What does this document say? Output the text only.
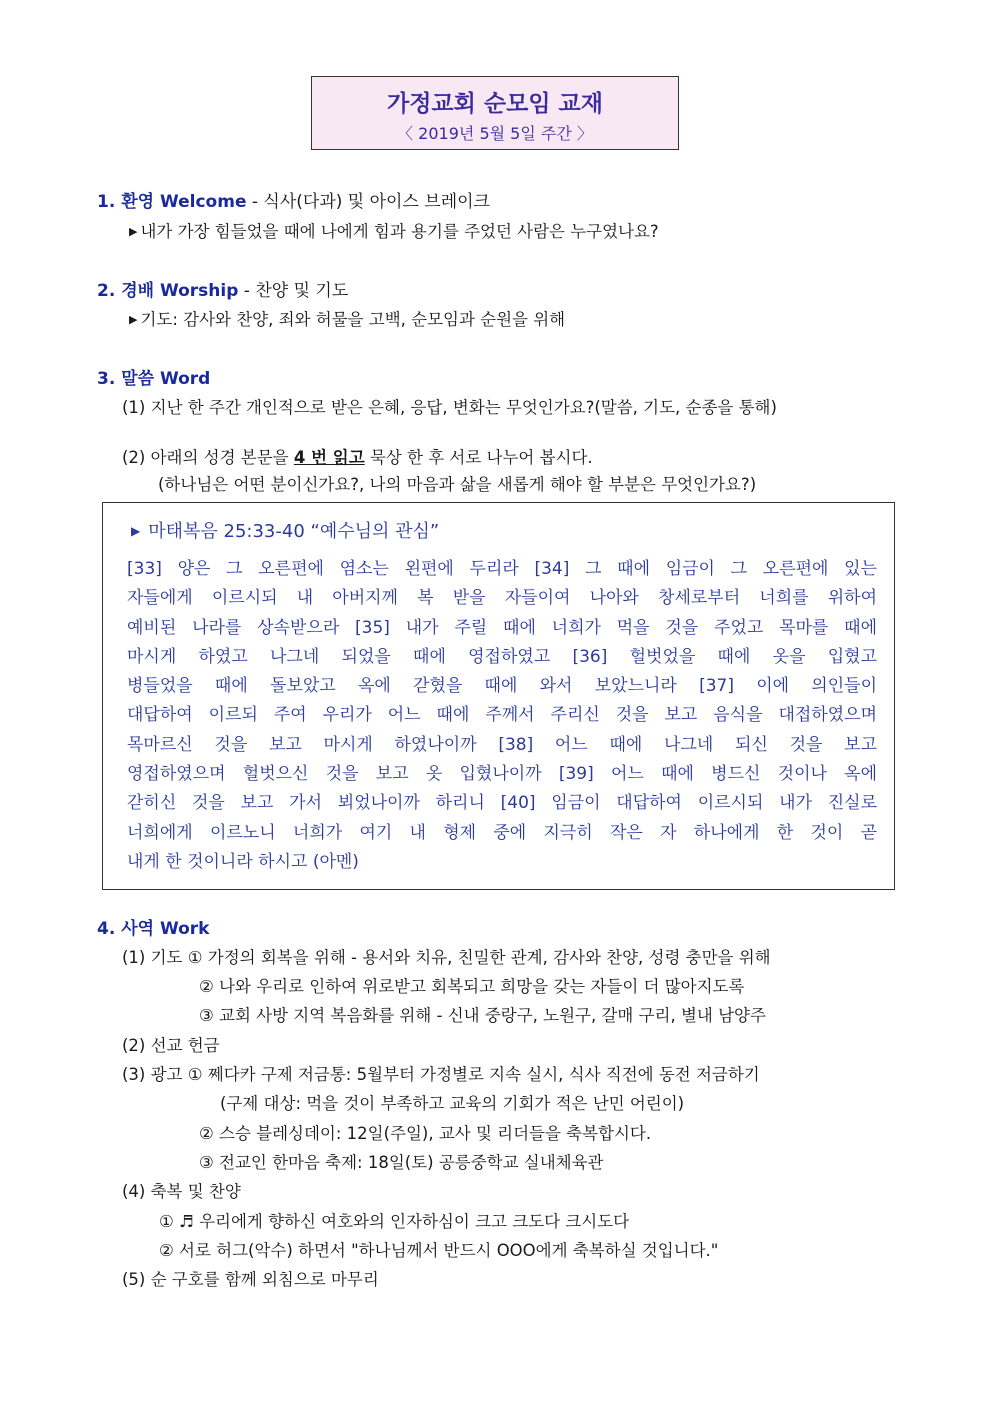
가정교회 순모임 교재
〈 2019년 5월 5일 주간 〉
1. 환영 Welcome - 식사(다과) 및 아이스 브레이크
▶ 내가 가장 힘들었을 때에 나에게 힘과 용기를 주었던 사람은 누구였나요?
2. 경배 Worship - 찬양 및 기도
▶ 기도: 감사와 찬양, 죄와 허물을 고백, 순모임과 순원을 위해
3. 말씀 Word
(1) 지난 한 주간 개인적으로 받은 은혜, 응답, 변화는 무엇인가요?(말씀, 기도, 순종을 통해)
(2) 아래의 성경 본문을 4 번 읽고 묵상 한 후 서로 나누어 봅시다.
(하나님은 어떤 분이신가요?, 나의 마음과 삶을 새롭게 해야 할 부분은 무엇인가요?)
▶ 마태복음 25:33-40 “예수님의 관심”
[33] 양은 그 오른편에 염소는 왼편에 두리라 [34] 그 때에 임금이 그 오른편에 있는
자들에게 이르시되 내 아버지께 복 받을 자들이여 나아와 창세로부터 너희를 위하여
예비된 나라를 상속받으라 [35] 내가 주릴 때에 너희가 먹을 것을 주었고 목마를 때에
마시게 하였고 나그네 되었을 때에 영접하였고 [36] 헐벗었을 때에 옷을 입혔고
병들었을 때에 돌보았고 옥에 갇혔을 때에 와서 보았느니라 [37] 이에 의인들이
대답하여 이르되 주여 우리가 어느 때에 주께서 주리신 것을 보고 음식을 대접하였으며
목마르신 것을 보고 마시게 하였나이까 [38] 어느 때에 나그네 되신 것을 보고
영접하였으며 헐벗으신 것을 보고 옷 입혔나이까 [39] 어느 때에 병드신 것이나 옥에
갇히신 것을 보고 가서 뵈었나이까 하리니 [40] 임금이 대답하여 이르시되 내가 진실로
너희에게 이르노니 너희가 여기 내 형제 중에 지극히 작은 자 하나에게 한 것이 곧
내게 한 것이니라 하시고 (아멘)
4. 사역 Work
(1) 기도 ① 가정의 회복을 위해 - 용서와 치유, 친밀한 관계, 감사와 찬양, 성령 충만을 위해
② 나와 우리로 인하여 위로받고 회복되고 희망을 갖는 자들이 더 많아지도록
③ 교회 사방 지역 복음화를 위해 - 신내 중랑구, 노원구, 갈매 구리, 별내 남양주
(2) 선교 헌금
(3) 광고 ① 쩨다카 구제 저금통: 5월부터 가정별로 지속 실시, 식사 직전에 동전 저금하기
(구제 대상: 먹을 것이 부족하고 교육의 기회가 적은 난민 어린이)
② 스승 블레싱데이: 12일(주일), 교사 및 리더들을 축복합시다.
③ 전교인 한마음 축제: 18일(토) 공릉중학교 실내체육관
(4) 축복 및 찬양
① ♬ 우리에게 향하신 여호와의 인자하심이 크고 크도다 크시도다
② 서로 허그(악수) 하면서 "하나님께서 반드시 OOO에게 축복하실 것입니다."
(5) 순 구호를 함께 외침으로 마무리
